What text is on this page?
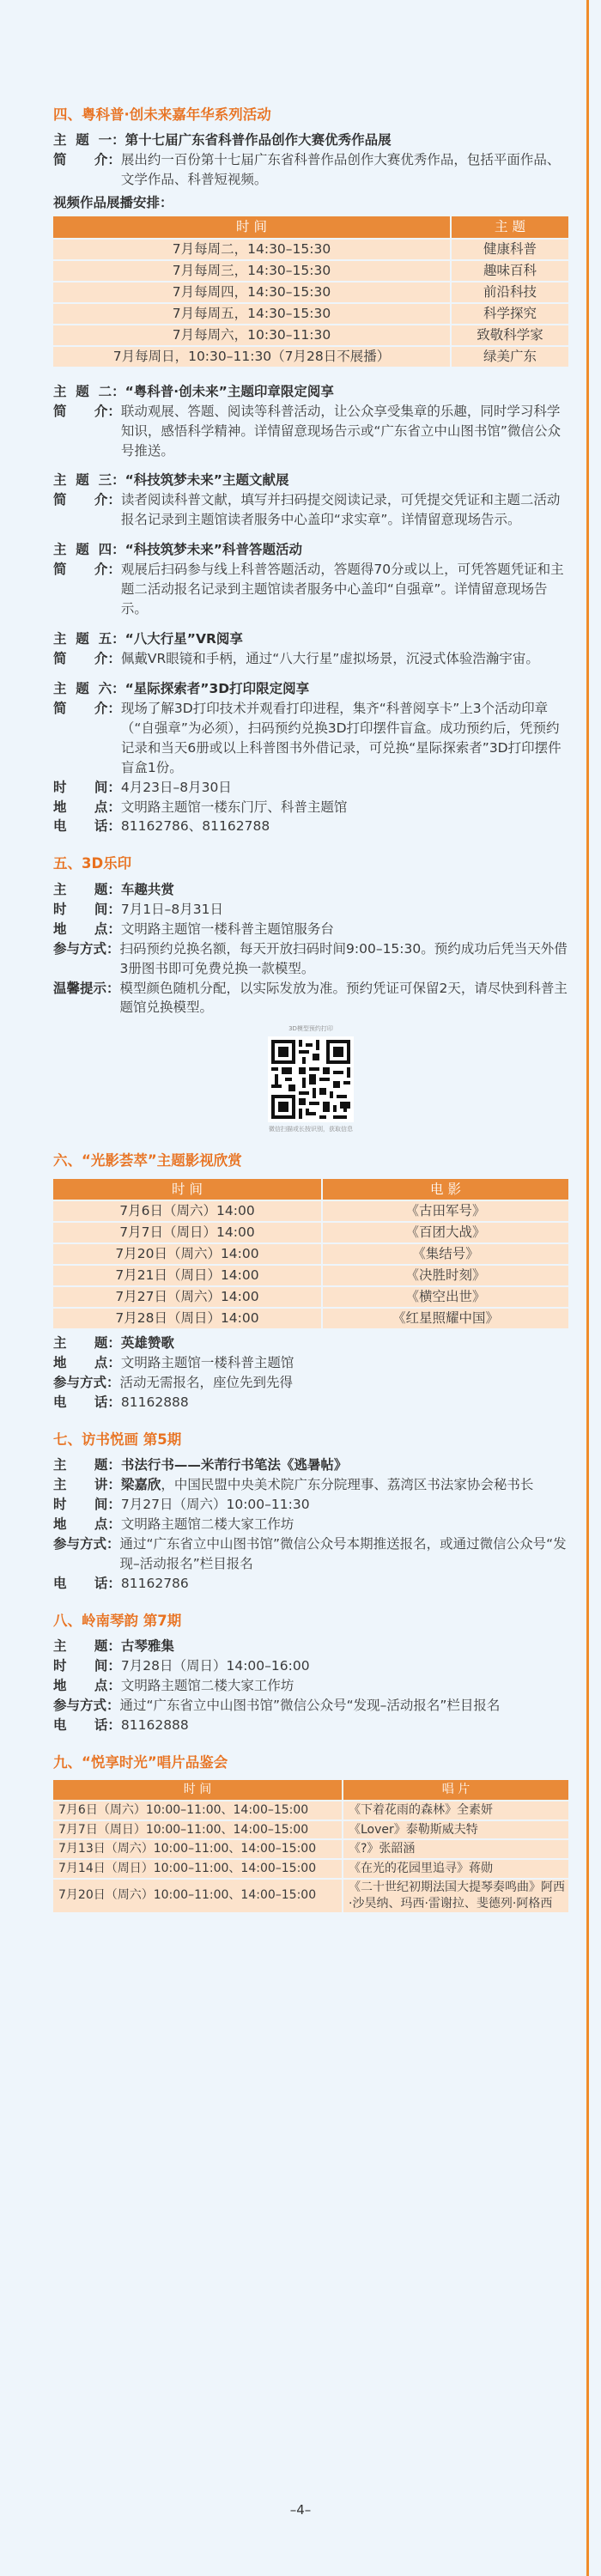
四、粤科普·创未来嘉年华系列活动
主  题  一： 第十七届广东省科普作品创作大赛优秀作品展
简      介： 展出约一百份第十七届广东省科普作品创作大赛优秀作品，包括平面作品、文学作品、科普短视频。
视频作品展播安排：
时 间	主 题
7月每周二，14:30–15:30	健康科普
7月每周三，14:30–15:30	趣味百科
7月每周四，14:30–15:30	前沿科技
7月每周五，14:30–15:30	科学探究
7月每周六，10:30–11:30	致敬科学家
7月每周日，10:30–11:30（7月28日不展播）	绿美广东
主  题  二： “粤科普·创未来”主题印章限定阅享
简      介： 联动观展、答题、阅读等科普活动，让公众享受集章的乐趣，同时学习科学知识，感悟科学精神。详情留意现场告示或“广东省立中山图书馆”微信公众号推送。
主  题  三： “科技筑梦未来”主题文献展
简      介： 读者阅读科普文献，填写并扫码提交阅读记录，可凭提交凭证和主题二活动报名记录到主题馆读者服务中心盖印“求实章”。详情留意现场告示。
主  题  四： “科技筑梦未来”科普答题活动
简      介： 观展后扫码参与线上科普答题活动，答题得70分或以上，可凭答题凭证和主题二活动报名记录到主题馆读者服务中心盖印“自强章”。详情留意现场告示。
主  题  五： “八大行星”VR阅享
简      介： 佩戴VR眼镜和手柄，通过“八大行星”虚拟场景，沉浸式体验浩瀚宇宙。
主  题  六： “星际探索者”3D打印限定阅享
简      介： 现场了解3D打印技术并观看打印进程，集齐“科普阅享卡”上3个活动印章（“自强章”为必须），扫码预约兑换3D打印摆件盲盒。成功预约后，凭预约记录和当天6册或以上科普图书外借记录，可兑换“星际探索者”3D打印摆件盲盒1份。
时      间： 4月23日–8月30日
地      点： 文明路主题馆一楼东门厅、科普主题馆
电      话： 81162786、81162788
五、3D乐印
主      题： 车趣共赏
时      间： 7月1日–8月31日
地      点： 文明路主题馆一楼科普主题馆服务台
参与方式： 扫码预约兑换名额，每天开放扫码时间9:00–15:30。预约成功后凭当天外借3册图书即可免费兑换一款模型。
温馨提示： 模型颜色随机分配，以实际发放为准。预约凭证可保留2天，请尽快到科普主题馆兑换模型。
3D模型预约打印
微信扫描或长按识别，获取信息
六、“光影荟萃”主题影视欣赏
时 间	电 影
7月6日（周六）14:00	《古田军号》
7月7日（周日）14:00	《百团大战》
7月20日（周六）14:00	《集结号》
7月21日（周日）14:00	《决胜时刻》
7月27日（周六）14:00	《横空出世》
7月28日（周日）14:00	《红星照耀中国》
主      题： 英雄赞歌
地      点： 文明路主题馆一楼科普主题馆
参与方式： 活动无需报名，座位先到先得
电      话： 81162888
七、访书悦画 第5期
主      题： 书法行书——米芾行书笔法《逃暑帖》
主      讲： 梁嘉欣，中国民盟中央美术院广东分院理事、荔湾区书法家协会秘书长
时      间： 7月27日（周六）10:00–11:30
地      点： 文明路主题馆二楼大家工作坊
参与方式： 通过“广东省立中山图书馆”微信公众号本期推送报名，或通过微信公众号“发现–活动报名”栏目报名
电      话： 81162786
八、岭南琴韵 第7期
主      题： 古琴雅集
时      间： 7月28日（周日）14:00–16:00
地      点： 文明路主题馆二楼大家工作坊
参与方式： 通过“广东省立中山图书馆”微信公众号“发现–活动报名”栏目报名
电      话： 81162888
九、“悦享时光”唱片品鉴会
时 间	唱 片
7月6日（周六）10:00–11:00、14:00–15:00	《下着花雨的森林》全素妍
7月7日（周日）10:00–11:00、14:00–15:00	《Lover》泰勒斯威夫特
7月13日（周六）10:00–11:00、14:00–15:00	《?》张韶涵
7月14日（周日）10:00–11:00、14:00–15:00	《在光的花园里追寻》蒋勋
7月20日（周六）10:00–11:00、14:00–15:00	《二十世纪初期法国大提琴奏鸣曲》阿西·沙昊纳、玛西·雷谢拉、斐德列·阿格西
–4–
